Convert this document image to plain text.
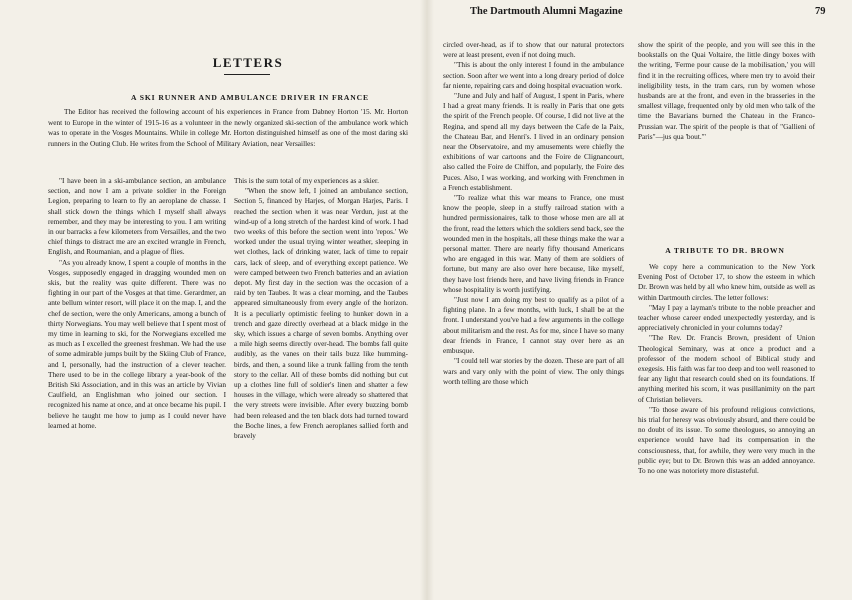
The Dartmouth Alumni Magazine	79
LETTERS
A SKI RUNNER AND AMBULANCE DRIVER IN FRANCE

The Editor has received the following account of his experiences in France from Dabney Horton '15. Mr. Horton went to Europe in the winter of 1915-16 as a volunteer in the newly organized ski-section of the ambulance work which was to operate in the Vosges Mountains. While in college Mr. Horton distinguished himself as one of the most daring ski runners in the Outing Club. He writes from the School of Military Aviation, near Versailles:

"I have been in a ski-ambulance section, an ambulance section, and now I am a private soldier in the Foreign Legion, preparing to learn to fly an aeroplane de chasse. I shall stick down the things which I myself shall always remember, and they may be interesting to you. I am writing in our barracks a few kilometers from Versailles, and the two chief things to distract me are an excited wrangle in French, English, and Roumanian, and a plague of flies.

"As you already know, I spent a couple of months in the Vosges, supposedly engaged in dragging wounded men on skis, but the reality was quite different. There was no fighting in our part of the Vosges at that time. Gerardmer, an ante bellum winter resort, will place it on the map. I, and the chef de section, were the only Americans, among a bunch of thirty Norwegians. You may well believe that I spent most of my time in learning to ski, for the Norwegians excelled me as much as I excelled the greenest freshman. We had the use of some admirable jumps built by the Skiing Club of France, and I, personally, had the instruction of a clever teacher. There used to be in the college library a year-book of the British Ski Association, and in this was an article by Vivian Caulfield, an Englishman who joined our section. I recognized his name at once, and at once became his pupil. I believe he taught me how to jump as I could never have learned at home.

This is the sum total of my experiences as a skier.

"When the snow left, I joined an ambulance section, Section 5, financed by Harjes, of Morgan Harjes, Paris. I reached the section when it was near Verdun, just at the wind-up of a long stretch of the hardest kind of work. I had two weeks of this before the section went into 'repos.' We worked under the usual trying winter weather, sleeping in wet clothes, lack of drinking water, lack of time to repair cars, lack of sleep, and of everything except patience. We were camped between two French batteries and an aviation depot. My first day in the section was the occasion of a raid by ten Taubes. It was a clear morning, and the Taubes appeared simultaneously from every angle of the horizon. It is a peculiarly optimistic feeling to hunker down in a trench and gaze directly overhead at a black midge in the sky, which issues a charge of seven bombs. Anything over a mile high seems directly over-head. The bombs fall quite audibly, as the vanes on their tails buzz like humming-birds, and then, a sound like a trunk falling from the tenth story to the cellar. All of these bombs did nothing but cut up a clothes line full of soldier's linen and shatter a few houses in the village, which were already so shattered that the very streets were invisible. After every buzzing bomb had been released and the ten black dots had turned toward the Boche lines, a few French aeroplanes sallied forth and bravely

circled over-head, as if to show that our natural protectors were at least present, even if not doing much.

"This is about the only interest I found in the ambulance section. Soon after we went into a long dreary period of dolce far niente, repairing cars and doing hospital evacuation work.

"June and July and half of August, I spent in Paris, where I had a great many friends. It is really in Paris that one gets the spirit of the French people. Of course, I did not live at the Regina, and spend all my days between the Cafe de la Paix, the Chateau Bar, and Henri's. I lived in an ordinary pension near the Observatoire, and my amusements were chiefly the exhibitions of war cartoons and the Foire de Clignancourt, also called the Foire de Chiffon, and popularly, the Foire des Puces. Also, I was working, and working with Frenchmen in a French establishment.

"To realize what this war means to France, one must know the people, sleep in a stuffy railroad station with a hundred permissionaires, talk to those whose men are all at the front, read the letters which the soldiers send back, see the wounded men in the hospitals, all these things make the war a personal matter. There are nearly fifty thousand Americans who are engaged in this war. Many of them are soldiers of fortune, but many are also over here because, like myself, they have lost friends here, and have living friends in France whose hospitality is worth justifying.

"Just now I am doing my best to qualify as a pilot of a fighting plane. In a few months, with luck, I shall be at the front. I understand you've had a few arguments in the college about militarism and the rest. As for me, since I have so many dear friends in France, I cannot stay over here as an embusque.

"I could tell war stories by the dozen. These are part of all wars and vary only with the point of view. The only things worth telling are those which

show the spirit of the people, and you will see this in the bookstalls on the Quai Voltaire, the little dingy boxes with the writing, 'Ferme pour cause de la mobilisation,' you will find it in the recruiting offices, where men try to avoid their ineligibility tests, in the tram cars, run by women whose husbands are at the front, and even in the brasseries in the smallest village, frequented only by old men who talk of the time the Bavarians burned the Chateau in the Franco-Prussian war. The spirit of the people is that of "Gallieni of Paris"—jus qua 'bout.'"

A TRIBUTE TO DR. BROWN

We copy here a communication to the New York Evening Post of October 17, to show the esteem in which Dr. Brown was held by all who knew him, outside as well as within Dartmouth circles. The letter follows:

"May I pay a layman's tribute to the noble preacher and teacher whose career ended unexpectedly yesterday, and is appreciatively chronicled in your columns today?

"The Rev. Dr. Francis Brown, president of Union Theological Seminary, was at once a product and a professor of the modern school of Biblical study and exegesis. His faith was far too deep and too well reasoned to fear any light that research could shed on its foundations. If anything merited his scorn, it was pusillanimity on the part of Christian believers.

"To those aware of his profound religious convictions, his trial for heresy was obviously absurd, and there could be no doubt of its issue. To some theologues, so annoying an experience would have had its compensation in the consciousness, that, for awhile, they were very much in the public eye; but to Dr. Brown this was an added annoyance. To no one was notoriety more distasteful.
